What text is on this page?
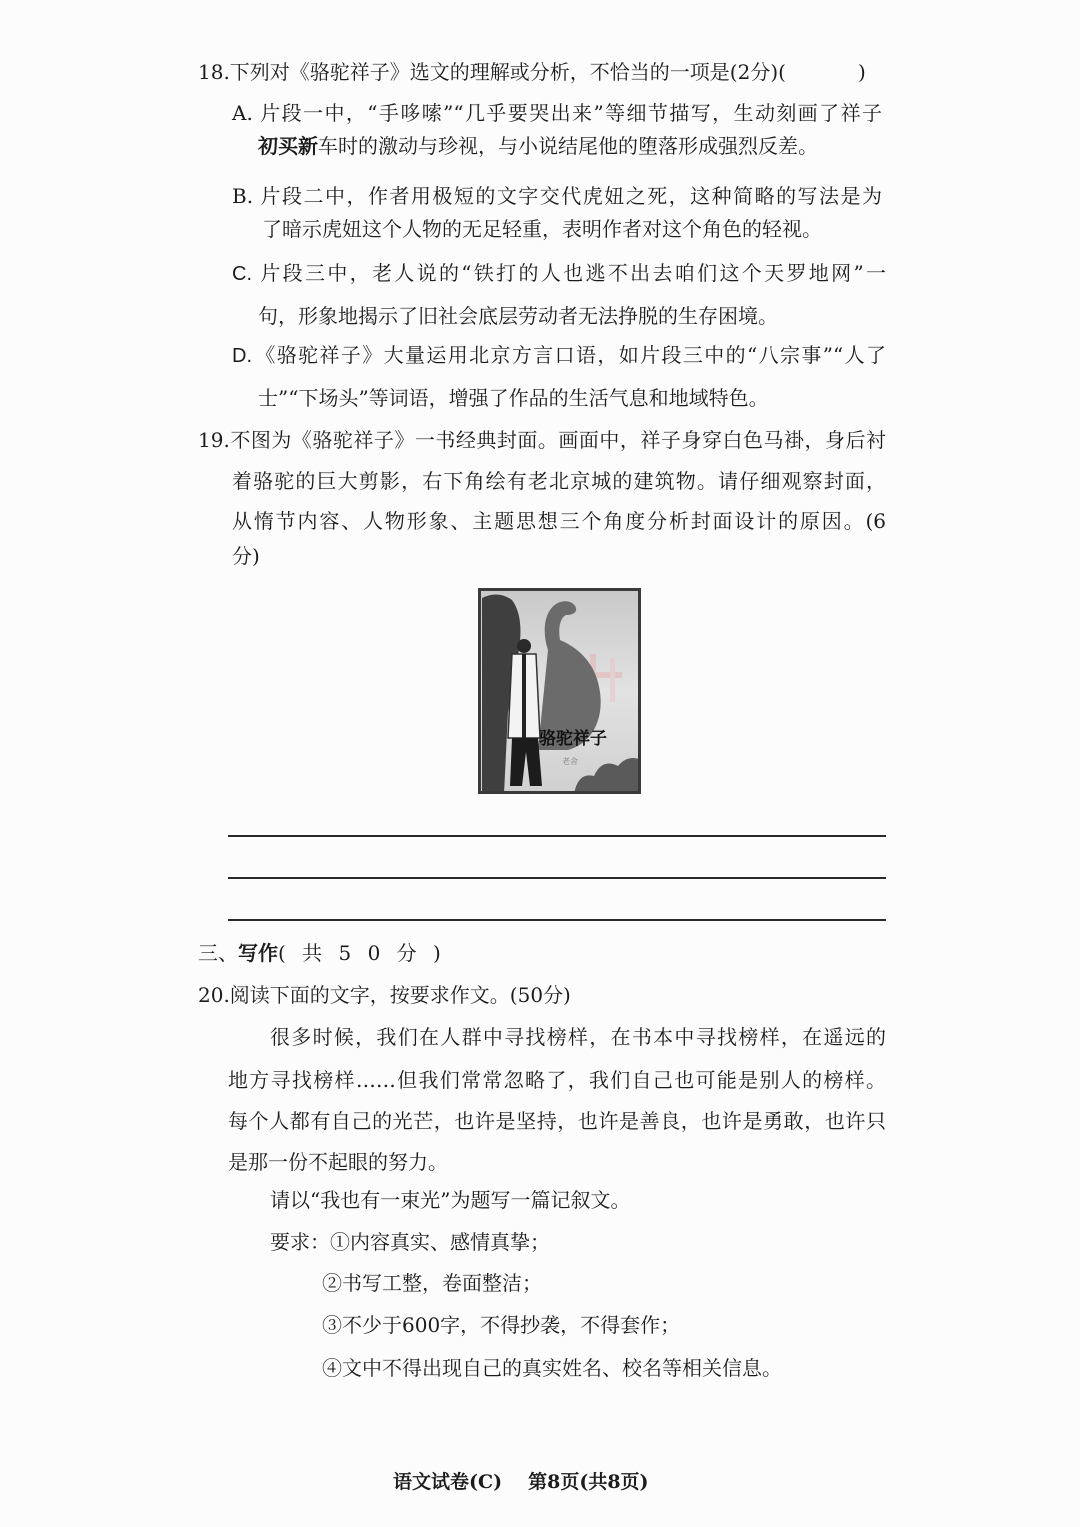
18.下列对《骆驼祥子》选文的理解或分析，不恰当的一项是(2分)(	)
A. 片段一中，“手哆嗦”“几乎要哭出来”等细节描写，生动刻画了祥子
初买新车时的激动与珍视，与小说结尾他的堕落形成强烈反差。
B. 片段二中，作者用极短的文字交代虎妞之死，这种简略的写法是为
了暗示虎妞这个人物的无足轻重，表明作者对这个角色的轻视。
C. 片段三中，老人说的“铁打的人也逃不出去咱们这个天罗地网”一
句，形象地揭示了旧社会底层劳动者无法挣脱的生存困境。
D. 《骆驼祥子》大量运用北京方言口语，如片段三中的“八宗事”“人了
士”“下场头”等词语，增强了作品的生活气息和地域特色。
19.不图为《骆驼祥子》一书经典封面。画面中，祥子身穿白色马褂，身后衬
着骆驼的巨大剪影，右下角绘有老北京城的建筑物。请仔细观察封面，
从惰节内容、人物形象、主题思想三个角度分析封面设计的原因。(6
分)
骆驼祥子
老舍
三、写作( 共 5 0 分 )
20.阅读下面的文字，按要求作文。(50分)
很多时候，我们在人群中寻找榜样，在书本中寻找榜样，在遥远的
地方寻找榜样……但我们常常忽略了，我们自己也可能是别人的榜样。
每个人都有自己的光芒，也许是坚持，也许是善良，也许是勇敢，也许只
是那一份不起眼的努力。
请以“我也有一束光”为题写一篇记叙文。
要求：①内容真实、感情真挚；
②书写工整，卷面整洁；
③不少于600字，不得抄袭，不得套作；
④文中不得出现自己的真实姓名、校名等相关信息。
语文试卷(C) 第8页(共8页)
